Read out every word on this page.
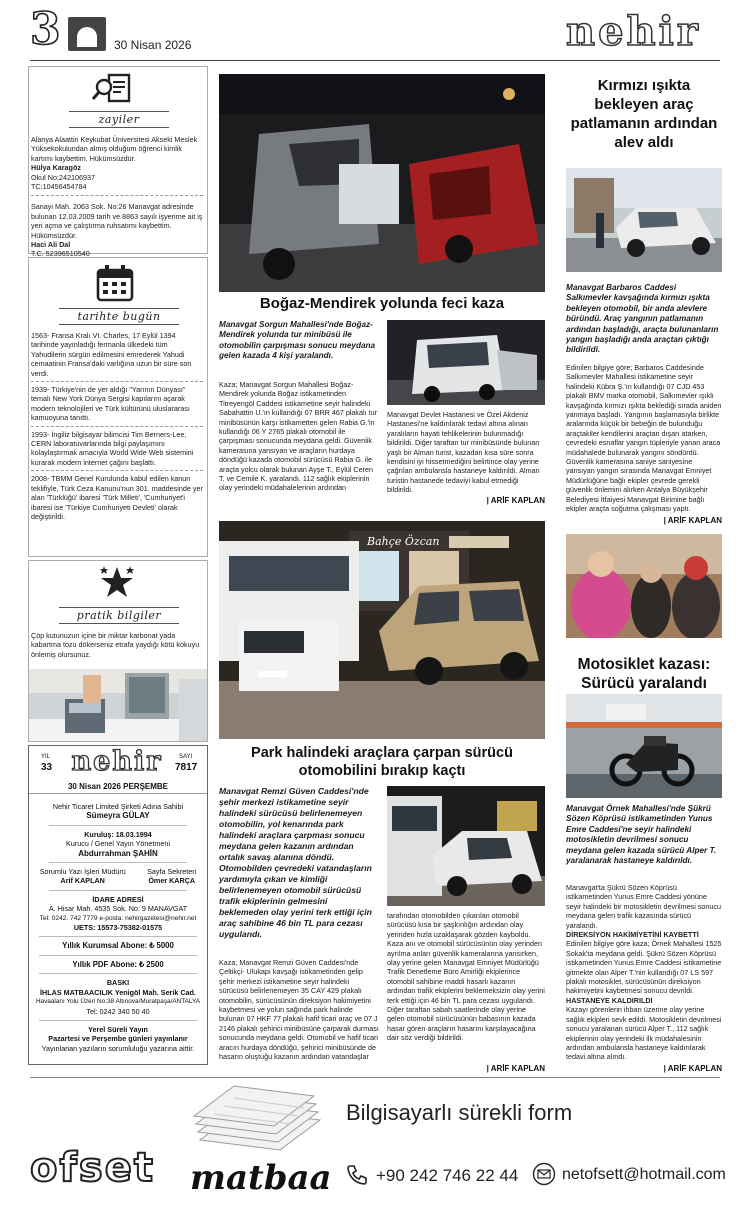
3	30 Nisan 2026	nehir
zayiler
Alanya Alaattin Keykubat Üniversitesi Akseki Meslek Yüksekokulundan almış olduğum öğrenci kimlik kartımı kaybettim. Hükümsüzdür.
Hülya Karagöz
Okul No:242106937
TC:10456454784
Sanayi Mah. 2063 Sok. No:26 Manavgat adresinde bulunan 12.03.2009 tarih ve 8863 sayılı işyerime ait iş yeri açma ve çalıştırma ruhsatımı kaybettim. Hükümsüzdür.
Haci Ali Dal
T.C. 52396510540
tarihte bugün
1563- Fransa Kralı VI. Charles, 17 Eylül 1394 tarihinde yayınladığı fermanla ülkedeki tüm Yahudilerin sürgün edilmesini emrederek Yahudi cemaatinin Fransa'daki varlığına uzun bir süre son verdi.
1939- Türkiye'nin de yer aldığı "Yarının Dünyası" temalı New York Dünya Sergisi kapılarını açarak modern teknolojileri ve Türk kültürünü uluslararası kamuoyuna tanıttı.
1993- İngiliz bilgisayar bilimcisi Tim Berners-Lee, CERN laboratuvarlarında bilgi paylaşımını kolaylaştırmak amacıyla World Wide Web sistemini kurarak modern internet çağını başlattı.
2008- TBMM Genel Kurulunda kabul edilen kanun teklifiyle, Türk Ceza Kanunu'nun 301. maddesinde yer alan 'Türklüğü' ibaresi 'Türk Milleti', 'Cumhuriyet'i ibaresi ise 'Türkiye Cumhuriyeti Devleti' olarak değiştirildi.
pratik bilgiler
Çöp kutunuzun içine bir miktar karbonat yada kabartma tozu dökerseniz etrafa yaydığı kötü kokuyu önlemiş olursunuz.
YIL
33 nehir	SAYI
7817
30 Nisan 2026 PERŞEMBE
Nehir Ticaret Limited Şirketi Adına Sahibi
Sümeyra GÜLAY
Kuruluş: 18.03.1994
Kurucu / Genel Yayın Yönetmeni
Abdurrahman ŞAHİN
Sorumlu Yazı İşleri Müdürü
Arif KAPLAN
Sayfa Sekreteri
Ömer KARÇA
İDARE ADRESİ
A. Hisar Mah. 4535 Sok. No: 9 MANAVGAT
Tel: 0242. 742 7779 e-posta: nehirgazetesi@nehir.net
UETS: 15573-75382-01575
Yıllık Kurumsal Abone: ₺ 5000
Yıllık PDF Abone: ₺ 2500
BASKI
İHLAS MATBAACILIK Yenigöl Mah. Serik Cad.
Havaalanı Yolu Üzeri No:38 Altınova/Muratpaşa/ANTALYA
Tel: 0242 340 50 40
Yerel Süreli Yayın
Pazartesi ve Perşembe günleri yayınlanır
Yayınlanan yazıların sorumluluğu yazarına aittir.
Boğaz-Mendirek yolunda feci kaza
Manavgat Sorgun Mahallesi'nde Boğaz- Mendirek yolunda tur minibüsü ile otomobilin çarpışması sonucu meydana gelen kazada 4 kişi yaralandı.
Kaza; Manavgat Sorgun Mahallesi Boğaz-Mendirek yolunda Boğaz istikametinden Titreyengöl Caddesi istikametine seyir halindeki Sabahattin U.'ın kullandığı 07 BRR 467 plakalı tur minibüsünün karşı istikametten gelen Rabia G.'in kullandığı 06 Y 2765 plakalı otomobil ile çarpışması sonucunda meydana geldi. Güvenlik kamerasına yansıyan ve araçların hurdaya döndüğü kazada otomobil sürücüsü Rabia G. ile araçta yolcu olarak bulunan Ayşe T., Eylül Ceren T. ve Cemile K. yaralandı. 112 sağlık ekiplerinin olay yerindeki müdahalelerinin ardından
Manavgat Devlet Hastanesi ve Özel Akdeniz Hastanesi'ne kaldırılarak tedavi altına alınan yaralıların hayati tehlikelerinin bulunmadığı bildirildi. Diğer taraftan tur minibüsünde bulunan yaşlı bir Alman turist, kazadan kısa süre sonra kendisini iyi hissetmediğini belirtince olay yerine çağrılan ambulansla hastaneye kaldırıldı. Alman turistin hastanede tedaviyi kabul etmediği bildirildi.
| ARİF KAPLAN
Bahçe Özcan
Park halindeki araçlara çarpan sürücü otomobilini bırakıp kaçtı
Manavgat Remzi Güven Caddesi'nde şehir merkezi istikametine seyir halindeki sürücüsü belirlenemeyen otomobilin, yol kenarında park halindeki araçlara çarpması sonucu meydana gelen kazanın ardından ortalık savaş alanına döndü. Otomobilden çevredeki vatandaşların yardımıyla çıkan ve kimliği belirlenemeyen otomobil sürücüsü trafik ekiplerinin gelmesini beklemeden olay yerini terk ettiği için araç sahibine 46 bin TL para cezası uygulandı.
Kaza; Manavgat Remzi Güven Caddesi'nde Çeltikçi- Ulukapı kavşağı istikametinden gelip şehir merkezi istikametine seyir halindeki sürücüsü belirlenemeyen 35 CAY 429 plakalı otomobilin, sürücüsünün direksiyon hakimiyetini kaybetmesi ve yolun sağında park halinde bulunan 07 HKF 77 plakalı hafif ticari araç ve 07 J 2146 plakalı şehirici minibüsüne çarparak durması sonucunda meydana geldi. Otomobil ve hafif ticari aracın hurdaya döndüğü, şehirici minibüsünde de hasarın oluştuğu kazanın ardından vatandaşlar
tarafından otomobilden çıkarılan otomobil sürücüsü kısa bir şaşkınlığın ardından olay yerinden hızla uzaklaşarak gözden kayboldu. Kaza anı ve otomobil sürücüsünün olay yerinden ayrılma anları güvenlik kameralarına yansırken, olay yerine gelen Manavgat Emniyet Müdürlüğü Trafik Denetleme Büro Amirliği ekiplerince otomobil sahibine maddi hasarlı kazanın ardından trafik ekiplerini beklemeksizin olay yerini terk ettiği için 46 bin TL para cezası uygulandı. Diğer taraftan sabah saatlerinde olay yerine gelen otomobil sürücüsünün babasının kazada hasar gören araçların hasarını karşılayacağına dair söz verdiği bildirildi.
| ARİF KAPLAN
Kırmızı ışıkta bekleyen araç patlamanın ardından alev aldı
Manavgat Barbaros Caddesi Salkımevler kavşağında kırmızı ışıkta bekleyen otomobil, bir anda alevlere büründü. Araç yangının patlamanın ardından başladığı, araçta bulunanların yangın başladığı anda araçtan çıktığı bildirildi.
Edinilen bilgiye göre; Barbaros Caddesinde Salkımevler Mahallesi istikametine seyir halindeki Kübra Ş.'ın kullandığı 07 CJD 453 plakalı BMV marka otomobil, Salkımevler ışıklı kavşağında kırmızı ışıkta beklediği sırada aniden yanmaya başladı. Yangının başlamasıyla birlikte aralarında küçük bir bebeğin de bulunduğu araçtakiler kendilerini araçtan dışarı atarken, çevredeki esnaflar yangın tüpleriyle yanan araca müdahalede bulunarak yangını söndürdü. Güvenlik kamerasına saniye saniyesine yansıyan yangın sırasında Manavgat Emniyet Müdürlüğüne bağlı ekipler çevrede gerekli güvenlik önlemini alırken Antalya Büyükşehir Belediyesi İtfaiyesi Manavgat Birimine bağlı ekipler araçta soğutma çalışması yaptı.
| ARİF KAPLAN
Motosiklet kazası: Sürücü yaralandı
Manavgat Örnek Mahallesi'nde Şükrü Sözen Köprüsü istikametinden Yunus Emre Caddesi'ne seyir halindeki motosikletin devrilmesi sonucu meydana gelen kazada sürücü Alper T. yaralanarak hastaneye kaldırıldı.
Manavgat'ta Şükrü Sözen Köprüsü istikametinden Yunus Emre Caddesi yönüne seyir halindeki bir motosikletin devrilmesi sonucu meydana gelen trafik kazasında sürücü yaralandı.
DİREKSİYON HAKİMİYETİNİ KAYBETTİ
Edinilen bilgiye göre kaza; Örnek Mahallesi 1525 Sokak'ta meydana geldi. Şükrü Sözen Köprüsü istikametinden Yunus Emre Caddesi istikametine gitmekte olan Alper T.'nin kullandığı 07 LS 597 plakalı motosiklet, sürücüsünün direksiyon hakimiyetini kaybetmesi sonucu devrildi.
HASTANEYE KALDIRILDI
Kazayı görenlerin ihbarı üzerine olay yerine sağlık ekipleri sevk edildi. Motosikletin devrilmesi sonucu yaralanan sürücü Alper T., 112 sağlık ekiplerinin olay yerindeki ilk müdahalesinin ardından ambulansla hastaneye kaldırılarak tedavi altına alındı.
| ARİF KAPLAN
Bilgisayarlı sürekli form
ofset matbaa	+90 242 746 22 44	netofsett@hotmail.com
